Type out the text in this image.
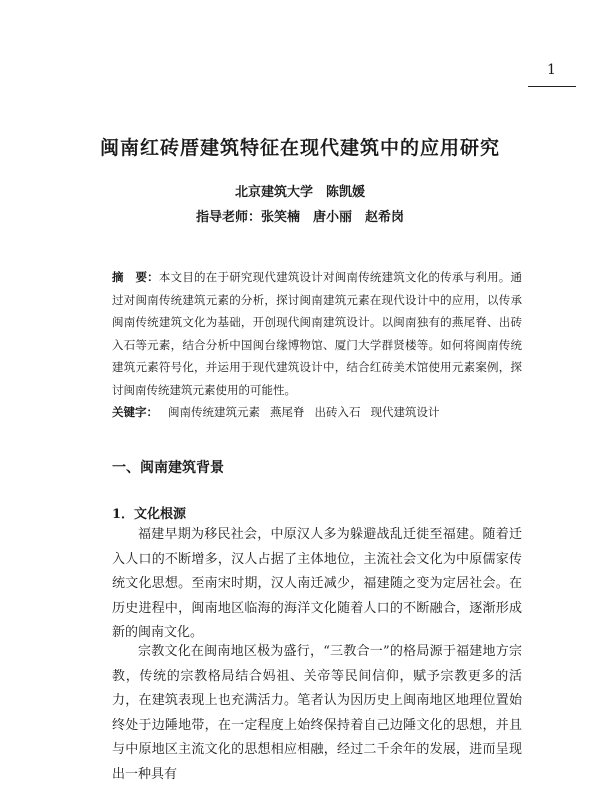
1
闽南红砖厝建筑特征在现代建筑中的应用研究
北京建筑大学　陈凯媛
指导老师：张笑楠　唐小丽　赵希岗

摘　要：本文目的在于研究现代建筑设计对闽南传统建筑文化的传承与利用。通过对闽南传统建筑元素的分析，探讨闽南建筑元素在现代设计中的应用，以传承闽南传统建筑文化为基础，开创现代闽南建筑设计。以闽南独有的燕尾脊、出砖入石等元素，结合分析中国闽台缘博物馆、厦门大学群贤楼等。如何将闽南传统建筑元素符号化，并运用于现代建筑设计中，结合红砖美术馆使用元素案例，探讨闽南传统建筑元素使用的可能性。

关键字： 闽南传统建筑元素 燕尾脊 出砖入石 现代建筑设计
一、闽南建筑背景
1．文化根源

福建早期为移民社会，中原汉人多为躲避战乱迁徙至福建。随着迁入人口的不断增多，汉人占据了主体地位，主流社会文化为中原儒家传统文化思想。至南宋时期，汉人南迁减少，福建随之变为定居社会。在历史进程中，闽南地区临海的海洋文化随着人口的不断融合，逐渐形成新的闽南文化。

宗教文化在闽南地区极为盛行，“三教合一”的格局源于福建地方宗教，传统的宗教格局结合妈祖、关帝等民间信仰，赋予宗教更多的活力，在建筑表现上也充满活力。笔者认为因历史上闽南地区地理位置始终处于边陲地带，在一定程度上始终保持着自己边陲文化的思想，并且与中原地区主流文化的思想相应相融，经过二千余年的发展，进而呈现出一种具有
